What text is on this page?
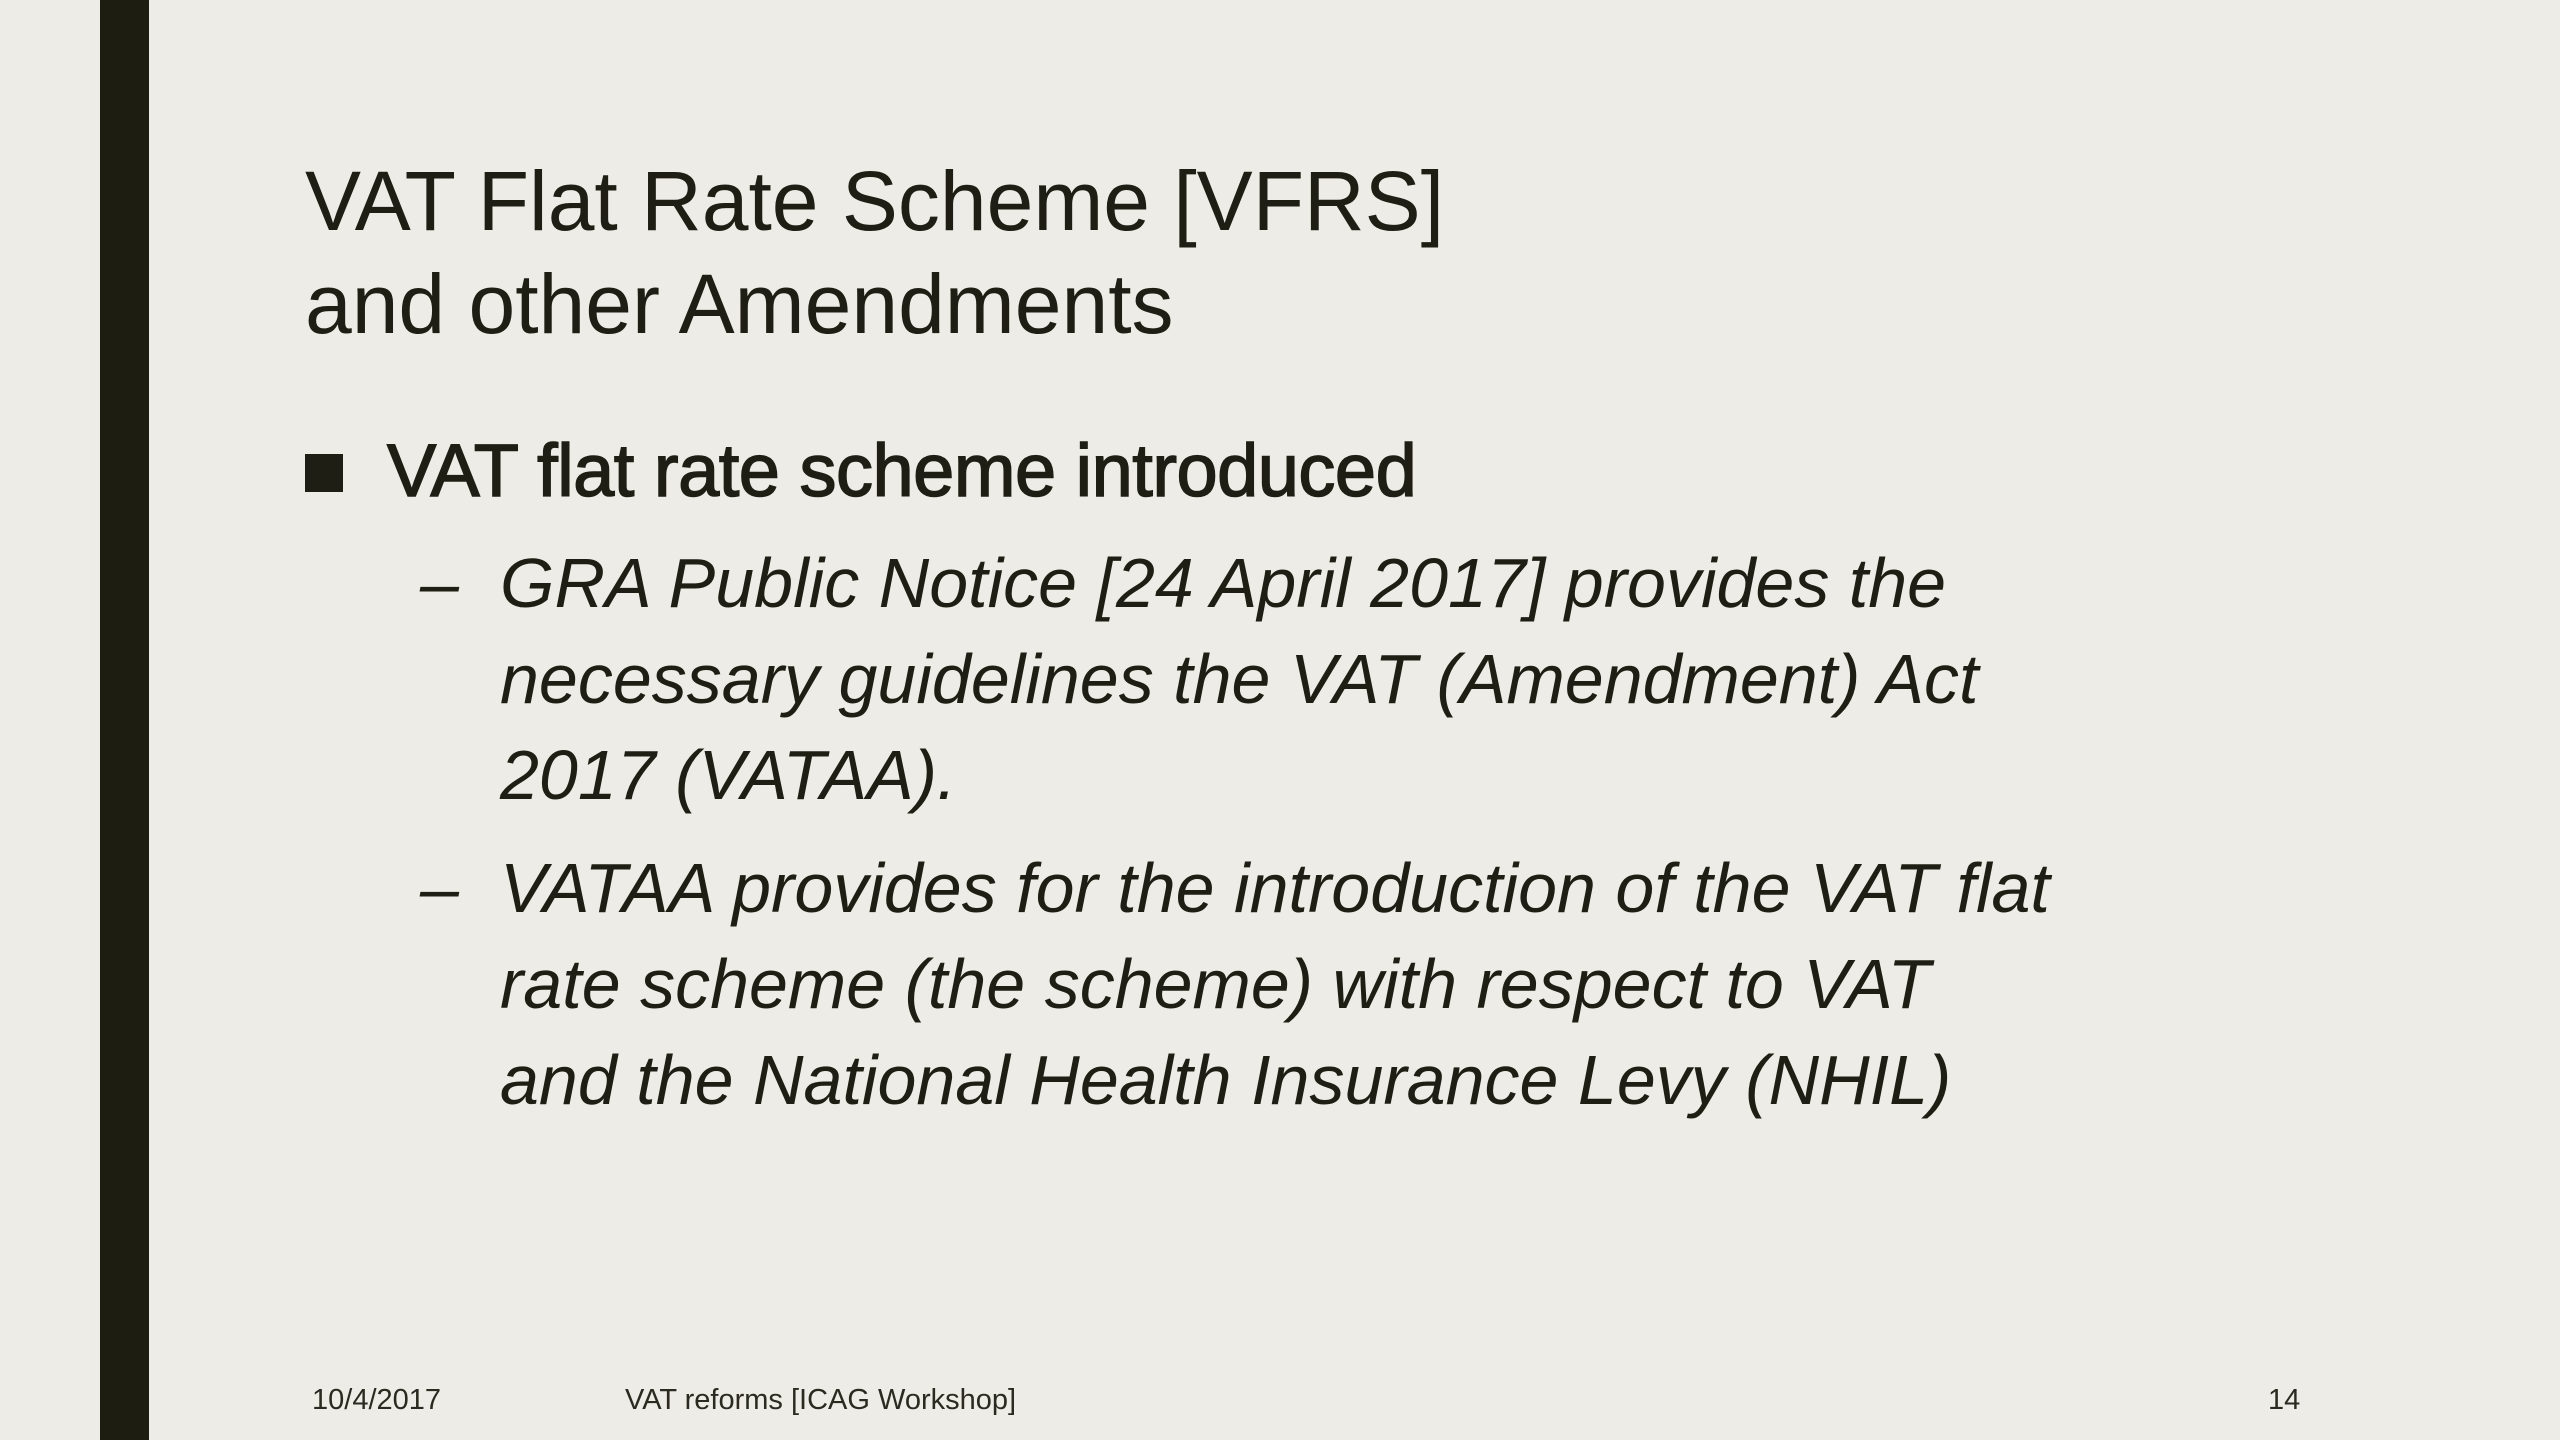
VAT Flat Rate Scheme [VFRS]
and other Amendments
VAT flat rate scheme introduced
– GRA Public Notice [24 April 2017] provides the
necessary guidelines the VAT (Amendment) Act
2017 (VATAA).
– VATAA provides for the introduction of the VAT flat
rate scheme (the scheme) with respect to VAT
and the National Health Insurance Levy (NHIL)
10/4/2017	VAT reforms [ICAG Workshop]	14
